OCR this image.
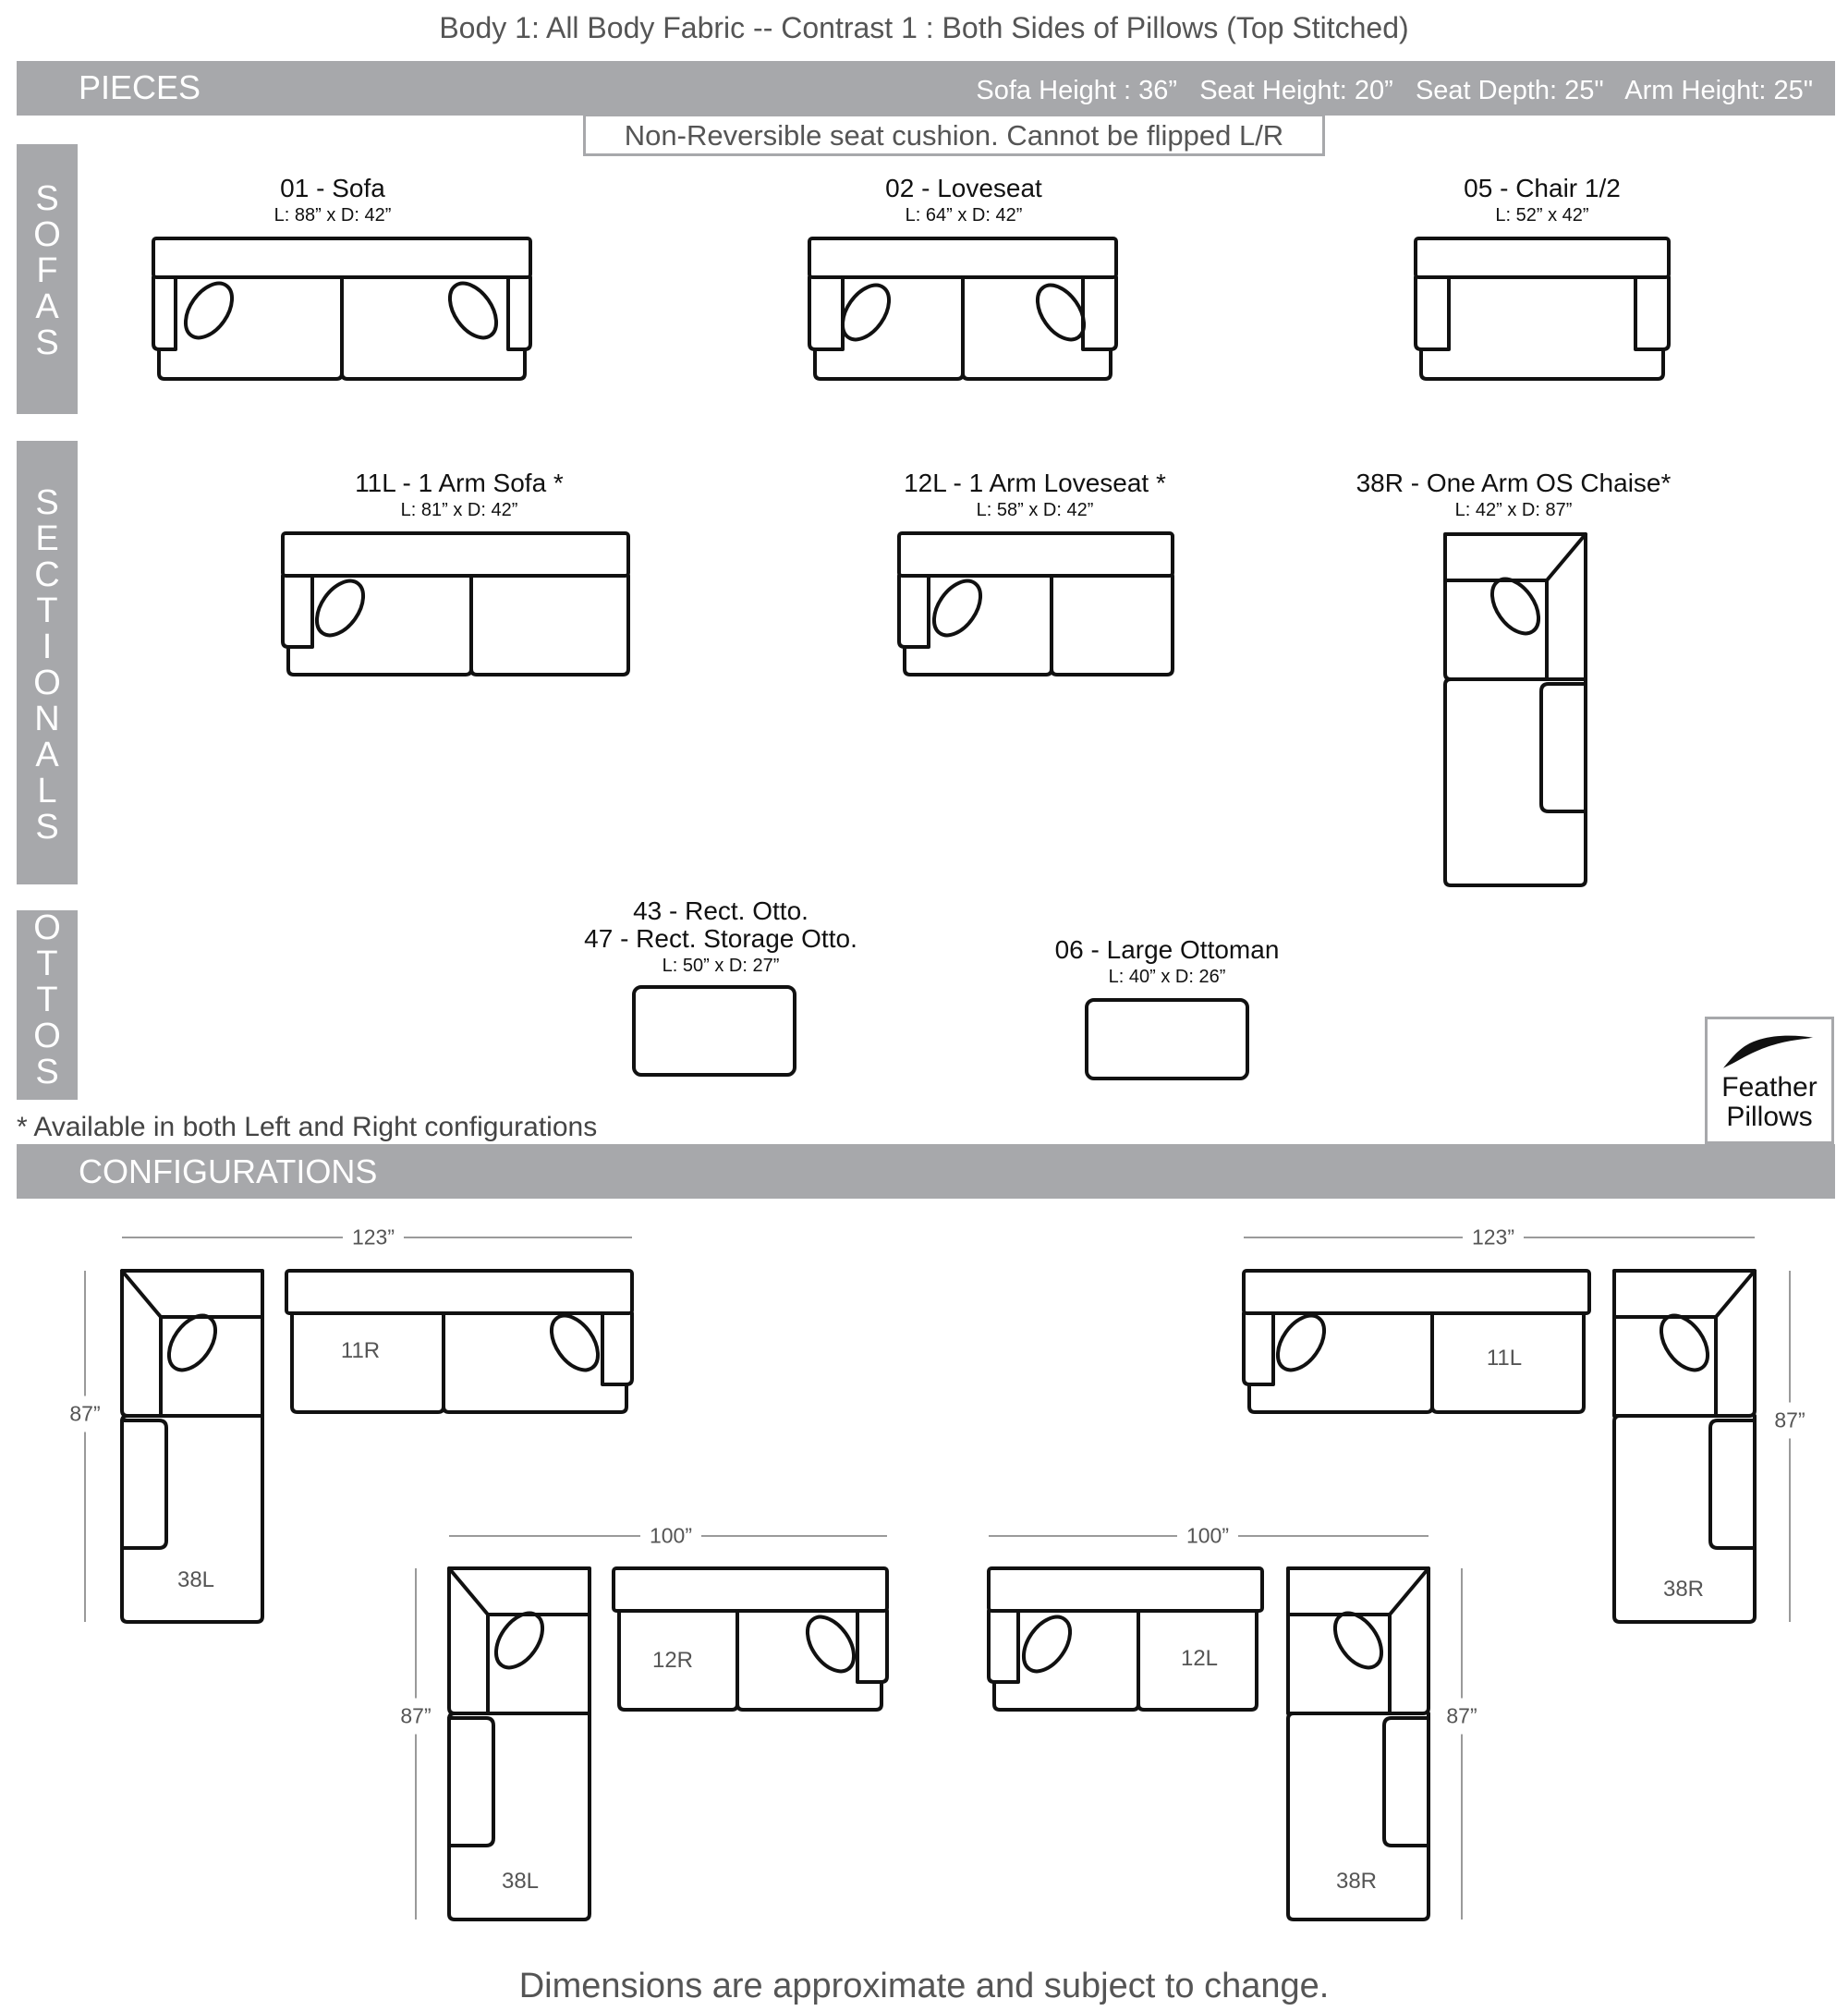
Body 1: All Body Fabric -- Contrast 1 : Both Sides of Pillows (Top Stitched)
PIECES	Sofa Height : 36”   Seat Height: 20”   Seat Depth: 25"   Arm Height: 25"
Non-Reversible seat cushion. Cannot be flipped L/R
S
O
F
A
S
S
E
C
T
I
O
N
A
L
S
O
T
T
O
S
01 - Sofa
L: 88” x D: 42”
02 - Loveseat
L: 64” x D: 42”
05 - Chair 1/2
L: 52” x 42”
11L - 1 Arm Sofa *
L: 81” x D: 42”
12L - 1 Arm Loveseat *
L: 58” x D: 42”
38R - One Arm OS Chaise*
L: 42” x D: 87”
43 - Rect. Otto.
47 - Rect. Storage Otto.
L: 50” x D: 27”
06 - Large Ottoman
L: 40” x D: 26”
* Available in both Left and Right configurations
Feather
Pillows
CONFIGURATIONS
123”	123”
100”	100”
87”	87”
87”	87”
38L
11R	11L
38R
38L
12R	12L
38R
Dimensions are approximate and subject to change.
